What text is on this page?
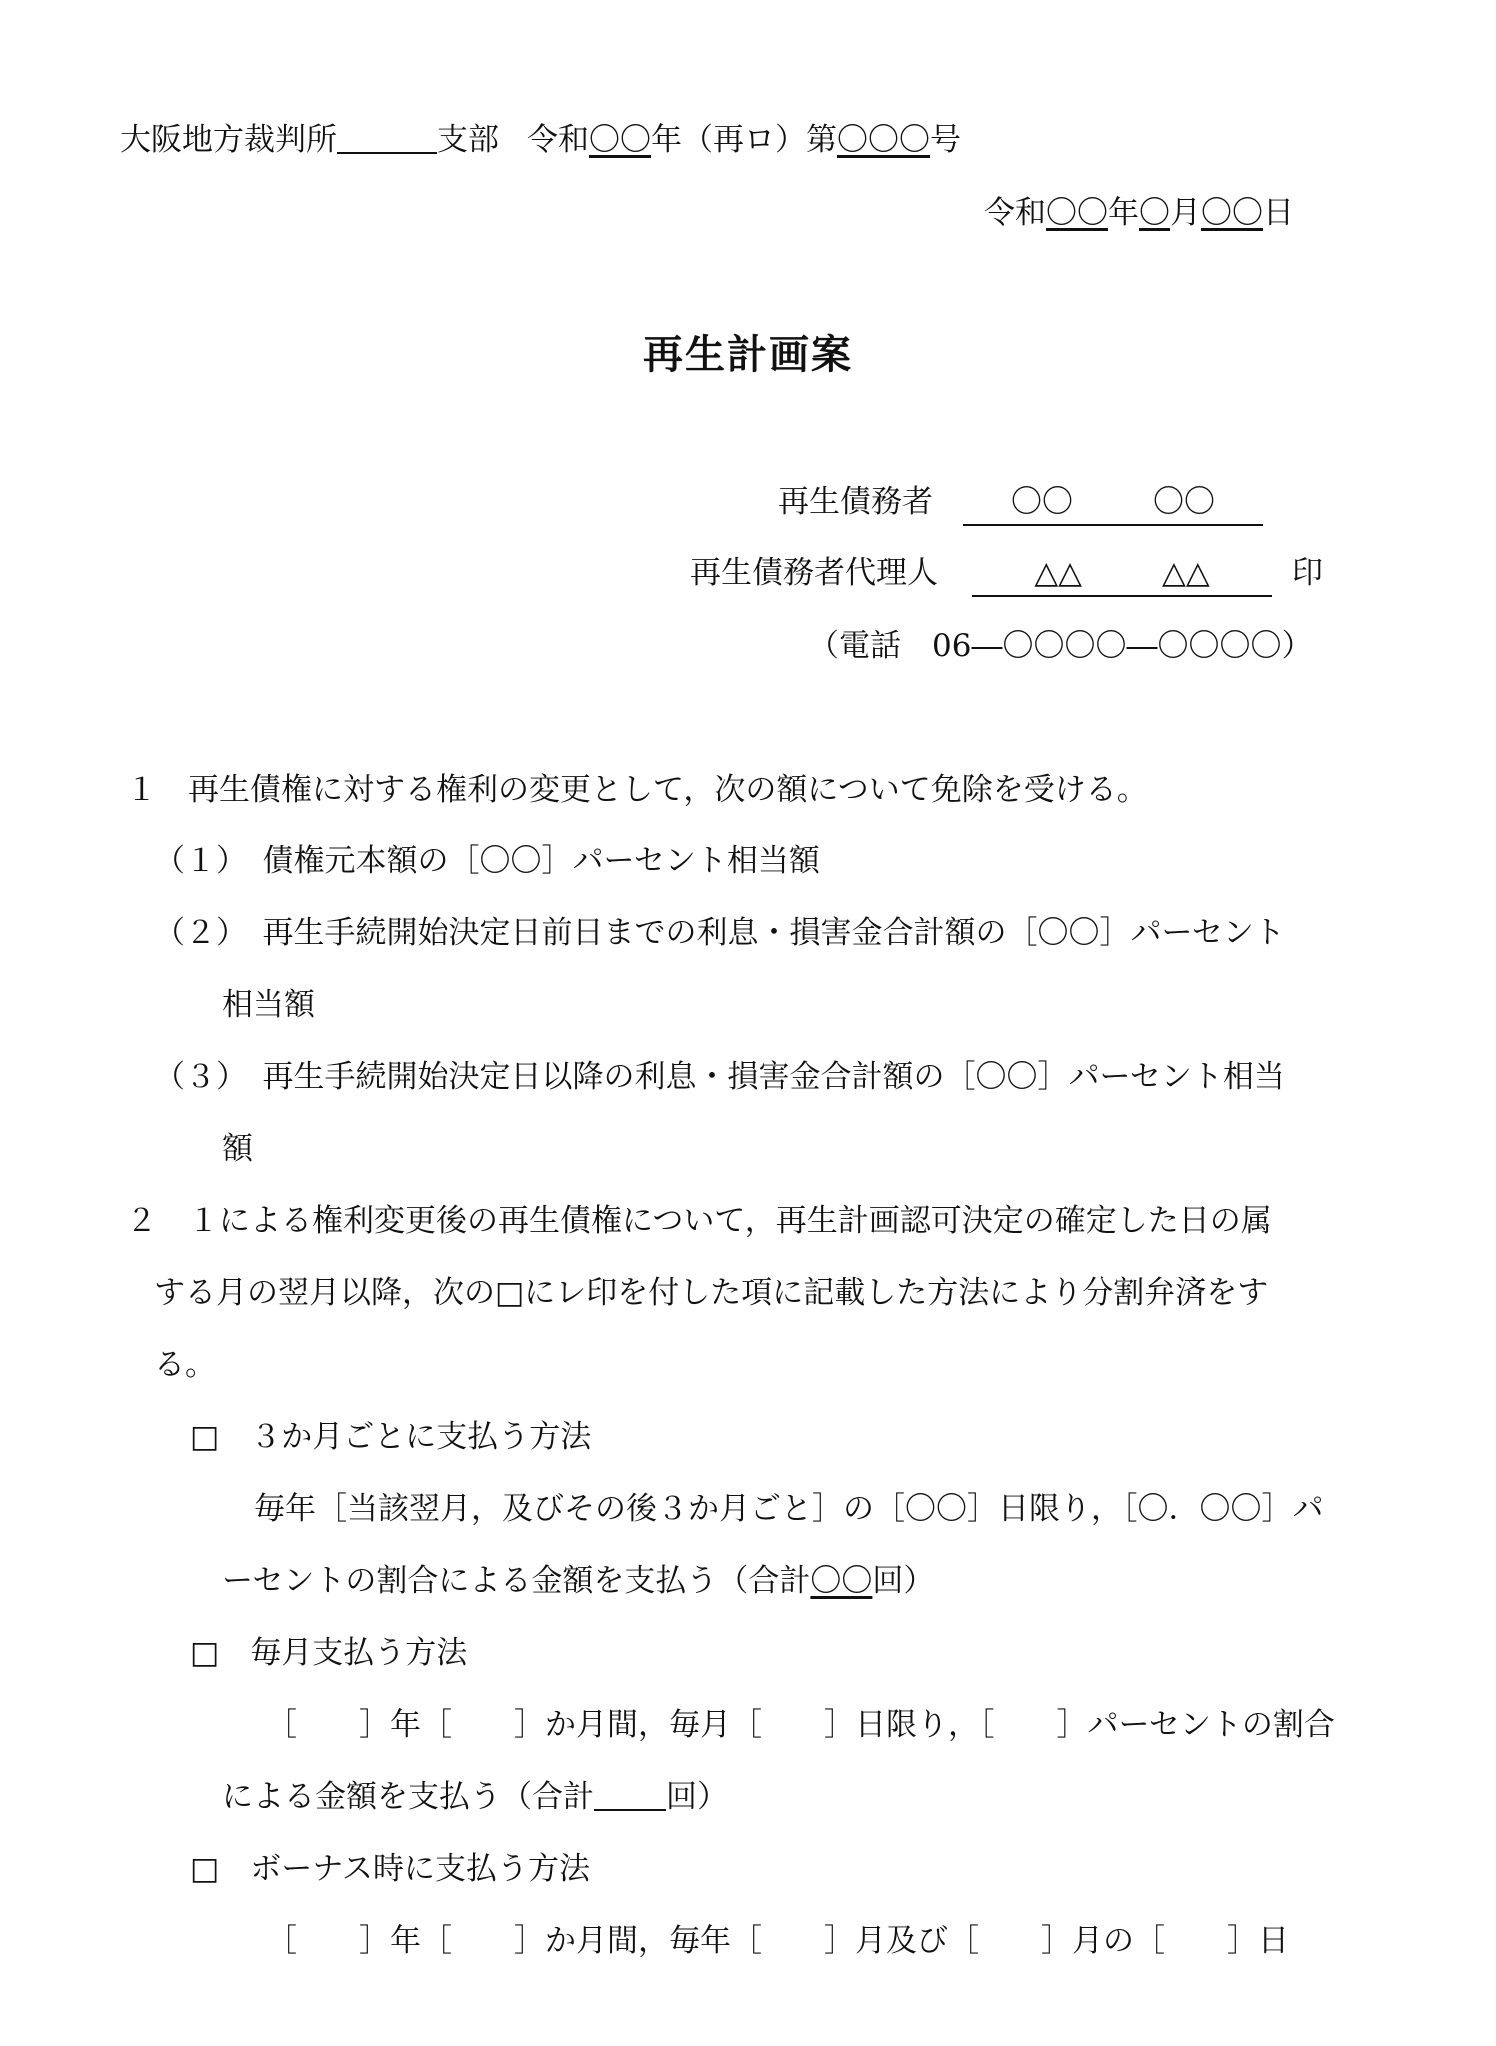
大阪地方裁判所	支部 令和〇〇年（再ロ）第〇〇〇号
令和〇〇年〇月〇〇日
再生計画案
再生債務者	〇〇	〇〇
再生債務者代理人	△△	△△	印
（電話　06―〇〇〇〇―〇〇〇〇）
１　再生債権に対する権利の変更として，次の額について免除を受ける。
（１）　債権元本額の［〇〇］パーセント相当額
（２）　再生手続開始決定日前日までの利息・損害金合計額の［〇〇］パーセント
相当額
（３）　再生手続開始決定日以降の利息・損害金合計額の［〇〇］パーセント相当
額
２　１による権利変更後の再生債権について，再生計画認可決定の確定した日の属
する月の翌月以降，次の□にレ印を付した項に記載した方法により分割弁済をす
る。
□　３か月ごとに支払う方法
毎年［当該翌月，及びその後３か月ごと］の［〇〇］日限り，［〇．〇〇］パ
ーセントの割合による金額を支払う（合計〇〇回）
□　毎月支払う方法
［　　］年［　　］か月間，毎月［　　］日限り，［　　］パーセントの割合
による金額を支払う（合計 回）
□　ボーナス時に支払う方法
［　　］年［　　］か月間，毎年［　　］月及び［　　］月の［　　］日
